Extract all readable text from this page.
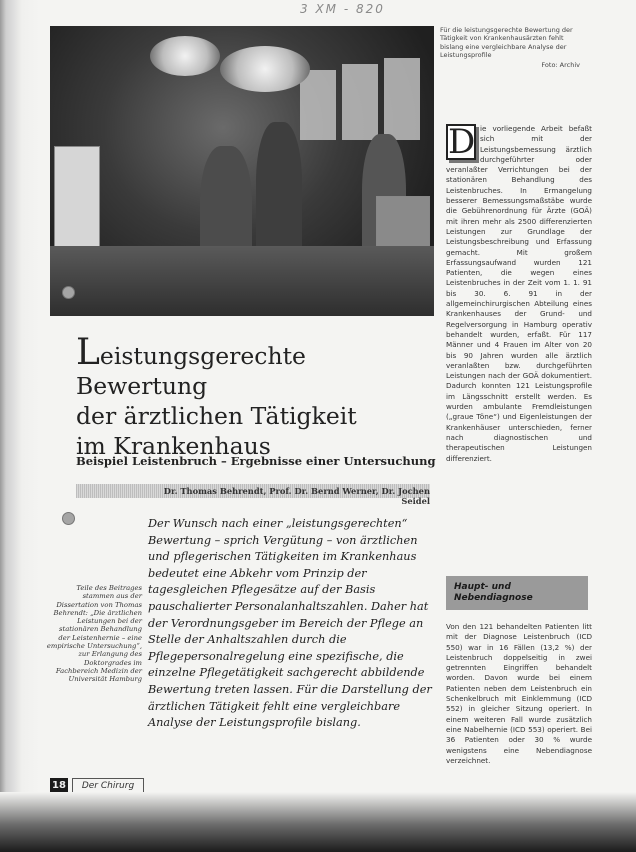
3 XM - 820
Für die leistungsgerechte Bewertung der Tätigkeit von Krankenhausärzten fehlt bislang eine vergleichbare Analyse der Leistungsprofile
Foto: Archiv
Leistungsgerechte Bewertung
der ärztlichen Tätigkeit
im Krankenhaus
Beispiel Leistenbruch – Ergebnisse einer Untersuchung
Dr. Thomas Behrendt, Prof. Dr. Bernd Werner, Dr. Jochen Seidel
Der Wunsch nach einer „leistungsgerechten“ Bewertung – sprich Vergütung – von ärztlichen und pflegerischen Tätigkeiten im Krankenhaus bedeutet eine Abkehr vom Prinzip der tagesgleichen Pflegesätze auf der Basis pauschalierter Personalanhaltszahlen. Daher hat der Verordnungsgeber im Bereich der Pflege an Stelle der Anhaltszahlen durch die Pflegepersonalregelung eine spezifische, die einzelne Pflegetätigkeit sachgerecht abbildende Bewertung treten lassen. Für die Darstellung der ärztlichen Tätigkeit fehlt eine vergleichbare Analyse der Leistungsprofile bislang.
Teile des Beitrages stammen aus der Dissertation von Thomas Behrendt: „Die ärztlichen Leistungen bei der stationären Behandlung der Leistenhernie – eine empirische Untersuchung“, zur Erlangung des Doktorgrades im Fachbereich Medizin der Universität Hamburg
18	Der Chirurg
D ie vorliegende Arbeit befaßt sich mit der Leistungsbemessung ärztlich durchgeführter oder veranlaßter Verrichtungen bei der stationären Behandlung des Leistenbruches. In Ermangelung besserer Bemessungsmaßstäbe wurde die Gebührenordnung für Ärzte (GOÄ) mit ihren mehr als 2500 differenzierten Leistungen zur Grundlage der Leistungsbeschreibung und Erfassung gemacht. Mit großem Erfassungsaufwand wurden 121 Patienten, die wegen eines Leistenbruches in der Zeit vom 1. 1. 91 bis 30. 6. 91 in der allgemeinchirurgischen Abteilung eines Krankenhauses der Grund- und Regelversorgung in Hamburg operativ behandelt wurden, erfaßt. Für 117 Männer und 4 Frauen im Alter von 20 bis 90 Jahren wurden alle ärztlich veranlaßten bzw. durchgeführten Leistungen nach der GOÄ dokumentiert. Dadurch konnten 121 Leistungsprofile im Längsschnitt erstellt werden. Es wurden ambulante Fremdleistungen („graue Töne“) und Eigenleistungen der Krankenhäuser unterschieden, ferner nach diagnostischen und therapeutischen Leistungen differenziert.
Haupt- und
Nebendiagnose
Von den 121 behandelten Patienten litt mit der Diagnose Leistenbruch (ICD 550) war in 16 Fällen (13,2 %) der Leistenbruch doppelseitig in zwei getrennten Eingriffen behandelt worden. Davon wurde bei einem Patienten neben dem Leistenbruch ein Schenkelbruch mit Einklemmung (ICD 552) in gleicher Sitzung operiert. In einem weiteren Fall wurde zusätzlich eine Nabelhernie (ICD 553) operiert. Bei 36 Patienten oder 30 % wurde wenigstens eine Nebendiagnose verzeichnet.
